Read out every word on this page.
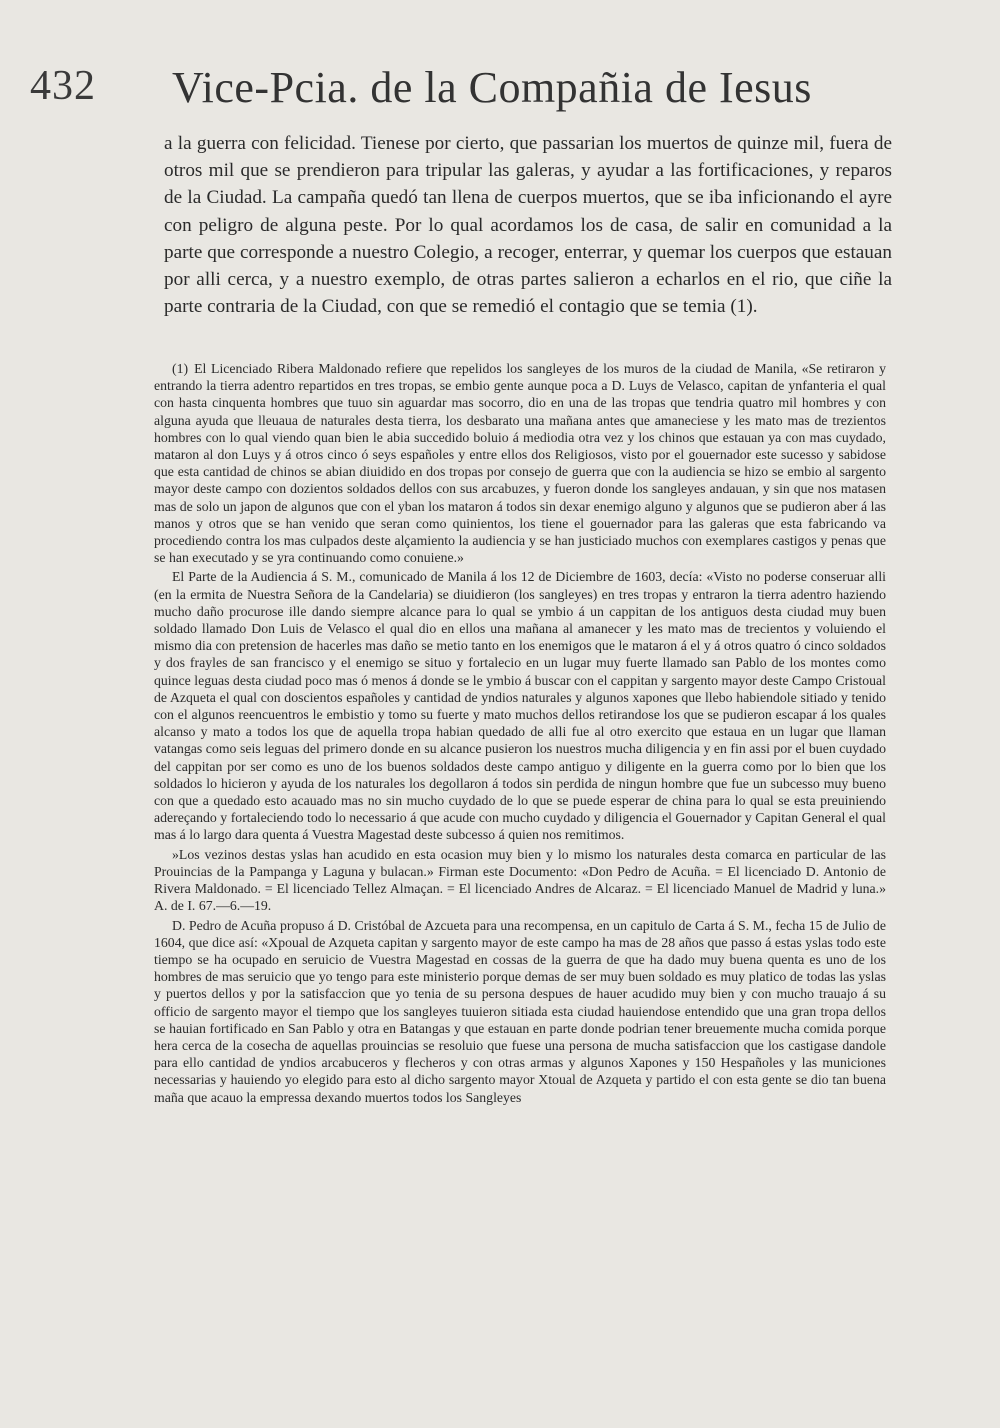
432 Vice-Pcia. de la Compañia de Iesus

a la guerra con felicidad. Tienese por cierto, que passarian los muertos de quinze mil, fuera de otros mil que se prendieron para tripular las galeras, y ayudar a las fortificaciones, y reparos de la Ciudad. La campaña quedó tan llena de cuerpos muertos, que se iba inficionando el ayre con peligro de alguna peste. Por lo qual acordamos los de casa, de salir en comunidad a la parte que corresponde a nuestro Colegio, a recoger, enterrar, y quemar los cuerpos que estauan por alli cerca, y a nuestro exemplo, de otras partes salieron a echarlos en el rio, que ciñe la parte contraria de la Ciudad, con que se remedió el contagio que se temia (1).

(1) El Licenciado Ribera Maldonado refiere que repelidos los sangleyes de los muros de la ciudad de Manila, «Se retiraron y entrando la tierra adentro repartidos en tres tropas, se embio gente aunque poca a D. Luys de Velasco, capitan de ynfanteria el qual con hasta cinquenta hombres que tuuo sin aguardar mas socorro, dio en una de las tropas que tendria quatro mil hombres y con alguna ayuda que lleuaua de naturales desta tierra, los desbarato una mañana antes que amaneciese y les mato mas de trezientos hombres con lo qual viendo quan bien le abia succedido boluio á mediodia otra vez y los chinos que estauan ya con mas cuydado, mataron al don Luys y á otros cinco ó seys españoles y entre ellos dos Religiosos, visto por el gouernador este sucesso y sabidose que esta cantidad de chinos se abian diuidido en dos tropas por consejo de guerra que con la audiencia se hizo se embio al sargento mayor deste campo con dozientos soldados dellos con sus arcabuzes, y fueron donde los sangleyes andauan, y sin que nos matasen mas de solo un japon de algunos que con el yban los mataron á todos sin dexar enemigo alguno y algunos que se pudieron aber á las manos y otros que se han venido que seran como quinientos, los tiene el gouernador para las galeras que esta fabricando va procediendo contra los mas culpados deste alçamiento la audiencia y se han justiciado muchos con exemplares castigos y penas que se han executado y se yra continuando como conuiene.»

El Parte de la Audiencia á S. M., comunicado de Manila á los 12 de Diciembre de 1603, decía: «Visto no poderse conseruar alli (en la ermita de Nuestra Señora de la Candelaria) se diuidieron (los sangleyes) en tres tropas y entraron la tierra adentro haziendo mucho daño procurose ille dando siempre alcance para lo qual se ymbio á un cappitan de los antiguos desta ciudad muy buen soldado llamado Don Luis de Velasco el qual dio en ellos una mañana al amanecer y les mato mas de trecientos y voluiendo el mismo dia con pretension de hacerles mas daño se metio tanto en los enemigos que le mataron á el y á otros quatro ó cinco soldados y dos frayles de san francisco y el enemigo se situo y fortalecio en un lugar muy fuerte llamado san Pablo de los montes como quince leguas desta ciudad poco mas ó menos á donde se le ymbio á buscar con el cappitan y sargento mayor deste Campo Cristoual de Azqueta el qual con doscientos españoles y cantidad de yndios naturales y algunos xapones que llebo habiendole sitiado y tenido con el algunos reencuentros le embistio y tomo su fuerte y mato muchos dellos retirandose los que se pudieron escapar á los quales alcanso y mato a todos los que de aquella tropa habian quedado de alli fue al otro exercito que estaua en un lugar que llaman vatangas como seis leguas del primero donde en su alcance pusieron los nuestros mucha diligencia y en fin assi por el buen cuydado del cappitan por ser como es uno de los buenos soldados deste campo antiguo y diligente en la guerra como por lo bien que los soldados lo hicieron y ayuda de los naturales los degollaron á todos sin perdida de ningun hombre que fue un subcesso muy bueno con que a quedado esto acauado mas no sin mucho cuydado de lo que se puede esperar de china para lo qual se esta preuiniendo adereçando y fortaleciendo todo lo necessario á que acude con mucho cuydado y diligencia el Gouernador y Capitan General el qual mas á lo largo dara quenta á Vuestra Magestad deste subcesso á quien nos remitimos.

»Los vezinos destas yslas han acudido en esta ocasion muy bien y lo mismo los naturales desta comarca en particular de las Prouincias de la Pampanga y Laguna y bulacan.» Firman este Documento: «Don Pedro de Acuña. = El licenciado D. Antonio de Rivera Maldonado. = El licenciado Tellez Almaçan. = El licenciado Andres de Alcaraz. = El licenciado Manuel de Madrid y luna.» A. de I. 67.—6.—19.

D. Pedro de Acuña propuso á D. Cristóbal de Azcueta para una recompensa, en un capitulo de Carta á S. M., fecha 15 de Julio de 1604, que dice así: «Xpoual de Azqueta capitan y sargento mayor de este campo ha mas de 28 años que passo á estas yslas todo este tiempo se ha ocupado en seruicio de Vuestra Magestad en cossas de la guerra de que ha dado muy buena quenta es uno de los hombres de mas seruicio que yo tengo para este ministerio porque demas de ser muy buen soldado es muy platico de todas las yslas y puertos dellos y por la satisfaccion que yo tenia de su persona despues de hauer acudido muy bien y con mucho trauajo á su officio de sargento mayor el tiempo que los sangleyes tuuieron sitiada esta ciudad hauiendose entendido que una gran tropa dellos se hauian fortificado en San Pablo y otra en Batangas y que estauan en parte donde podrian tener breuemente mucha comida porque hera cerca de la cosecha de aquellas prouincias se resoluio que fuese una persona de mucha satisfaccion que los castigase dandole para ello cantidad de yndios arcabuceros y flecheros y con otras armas y algunos Xapones y 150 Hespañoles y las municiones necessarias y hauiendo yo elegido para esto al dicho sargento mayor Xtoual de Azqueta y partido el con esta gente se dio tan buena maña que acauo la empressa dexando muertos todos los Sangleyes
